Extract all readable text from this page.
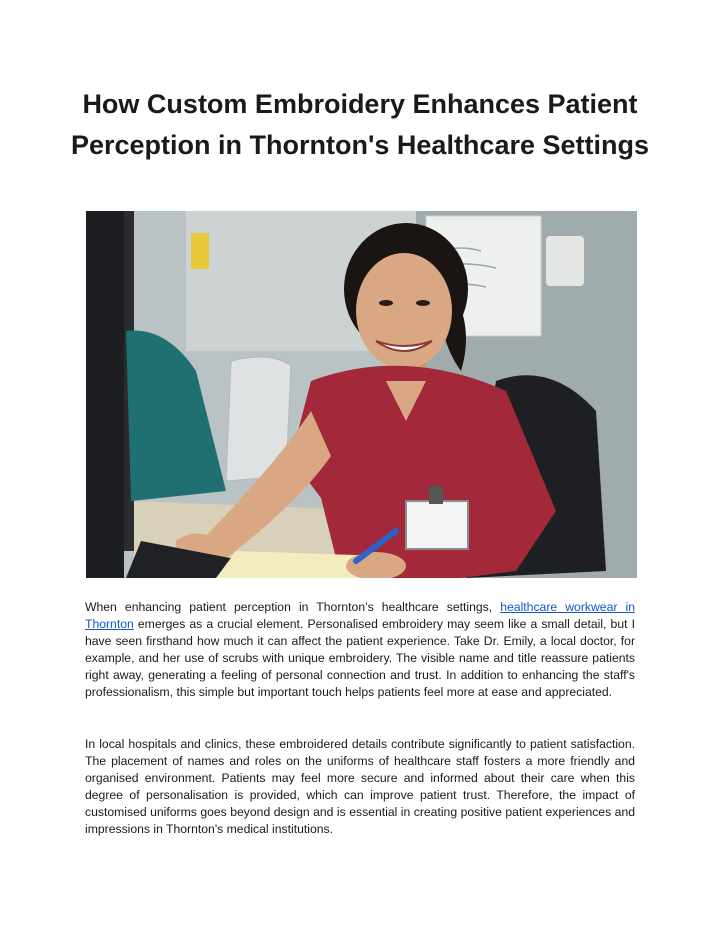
How Custom Embroidery Enhances Patient Perception in Thornton's Healthcare Settings

When enhancing patient perception in Thornton’s healthcare settings, healthcare workwear in Thornton emerges as a crucial element. Personalised embroidery may seem like a small detail, but I have seen firsthand how much it can affect the patient experience. Take Dr. Emily, a local doctor, for example, and her use of scrubs with unique embroidery. The visible name and title reassure patients right away, generating a feeling of personal connection and trust. In addition to enhancing the staff's professionalism, this simple but important touch helps patients feel more at ease and appreciated.

In local hospitals and clinics, these embroidered details contribute significantly to patient satisfaction. The placement of names and roles on the uniforms of healthcare staff fosters a more friendly and organised environment. Patients may feel more secure and informed about their care when this degree of personalisation is provided, which can improve patient trust. Therefore, the impact of customised uniforms goes beyond design and is essential in creating positive patient experiences and impressions in Thornton's medical institutions.
